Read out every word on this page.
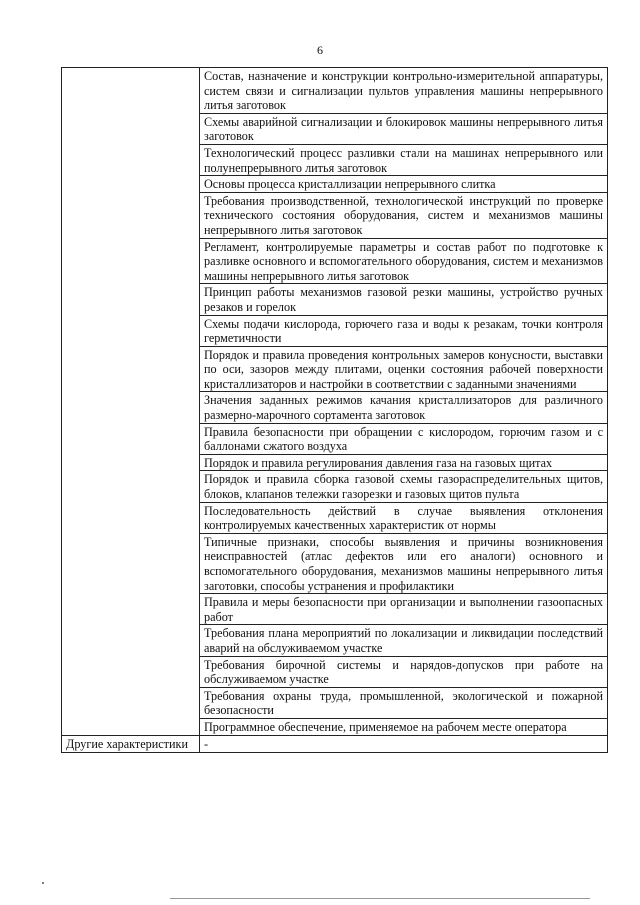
6
	Состав, назначение и конструкции контрольно-измерительной аппаратуры, систем связи и сигнализации пультов управления машины непрерывного литья заготовок
	Схемы аварийной сигнализации и блокировок машины непрерывного литья заготовок
	Технологический процесс разливки стали на машинах непрерывного или полунепрерывного литья заготовок
	Основы процесса кристаллизации непрерывного слитка
	Требования производственной, технологической инструкций по проверке технического состояния оборудования, систем и механизмов машины непрерывного литья заготовок
	Регламент, контролируемые параметры и состав работ по подготовке к разливке основного и вспомогательного оборудования, систем и механизмов машины непрерывного литья заготовок
	Принцип работы механизмов газовой резки машины, устройство ручных резаков и горелок
	Схемы подачи кислорода, горючего газа и воды к резакам, точки контроля герметичности
	Порядок и правила проведения контрольных замеров конусности, выставки по оси, зазоров между плитами, оценки состояния рабочей поверхности кристаллизаторов и настройки в соответствии с заданными значениями
	Значения заданных режимов качания кристаллизаторов для различного размерно-марочного сортамента заготовок
	Правила безопасности при обращении с кислородом, горючим газом и с баллонами сжатого воздуха
	Порядок и правила регулирования давления газа на газовых щитах
	Порядок и правила сборка газовой схемы газораспределительных щитов, блоков, клапанов тележки газорезки и газовых щитов пульта
	Последовательность действий в случае выявления отклонения контролируемых качественных характеристик от нормы
	Типичные признаки, способы выявления и причины возникновения неисправностей (атлас дефектов или его аналоги) основного и вспомогательного оборудования, механизмов машины непрерывного литья заготовки, способы устранения и профилактики
	Правила и меры безопасности при организации и выполнении газоопасных работ
	Требования плана мероприятий по локализации и ликвидации последствий аварий на обслуживаемом участке
	Требования бирочной системы и нарядов-допусков при работе на обслуживаемом участке
	Требования охраны труда, промышленной, экологической и пожарной безопасности
	Программное обеспечение, применяемое на рабочем месте оператора
Другие характеристики	-
